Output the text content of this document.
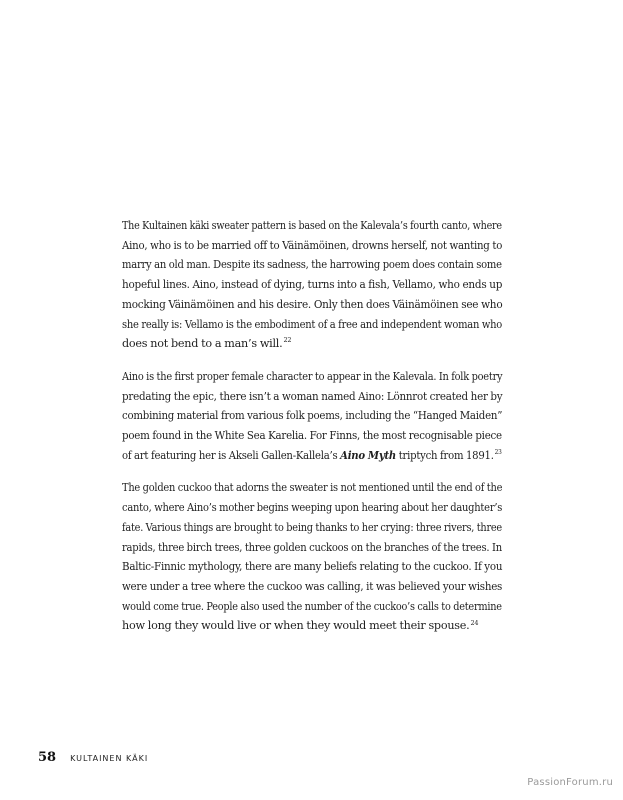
The Kultainen käki sweater pattern is based on the Kalevala’s fourth canto, where
Aino, who is to be married off to Väinämöinen, drowns herself, not wanting to
marry an old man. Despite its sadness, the harrowing poem does contain some
hopeful lines. Aino, instead of dying, turns into a fish, Vellamo, who ends up
mocking Väinämöinen and his desire. Only then does Väinämöinen see who
she really is: Vellamo is the embodiment of a free and independent woman who
does not bend to a man’s will.$^{22}$

Aino is the first proper female character to appear in the Kalevala. In folk poetry
predating the epic, there isn’t a woman named Aino: Lönnrot created her by
combining material from various folk poems, including the “Hanged Maiden”
poem found in the White Sea Karelia. For Finns, the most recognisable piece
of art featuring her is Akseli Gallen-Kallela’s Aino Myth triptych from 1891.23

The golden cuckoo that adorns the sweater is not mentioned until the end of the
canto, where Aino’s mother begins weeping upon hearing about her daughter’s
fate. Various things are brought to being thanks to her crying: three rivers, three
rapids, three birch trees, three golden cuckoos on the branches of the trees. In
Baltic-Finnic mythology, there are many beliefs relating to the cuckoo. If you
were under a tree where the cuckoo was calling, it was believed your wishes
would come true. People also used the number of the cuckoo’s calls to determine
how long they would live or when they would meet their spouse.$^{24}$

58 KULTAINEN KÄKI
PassionForum.ru
